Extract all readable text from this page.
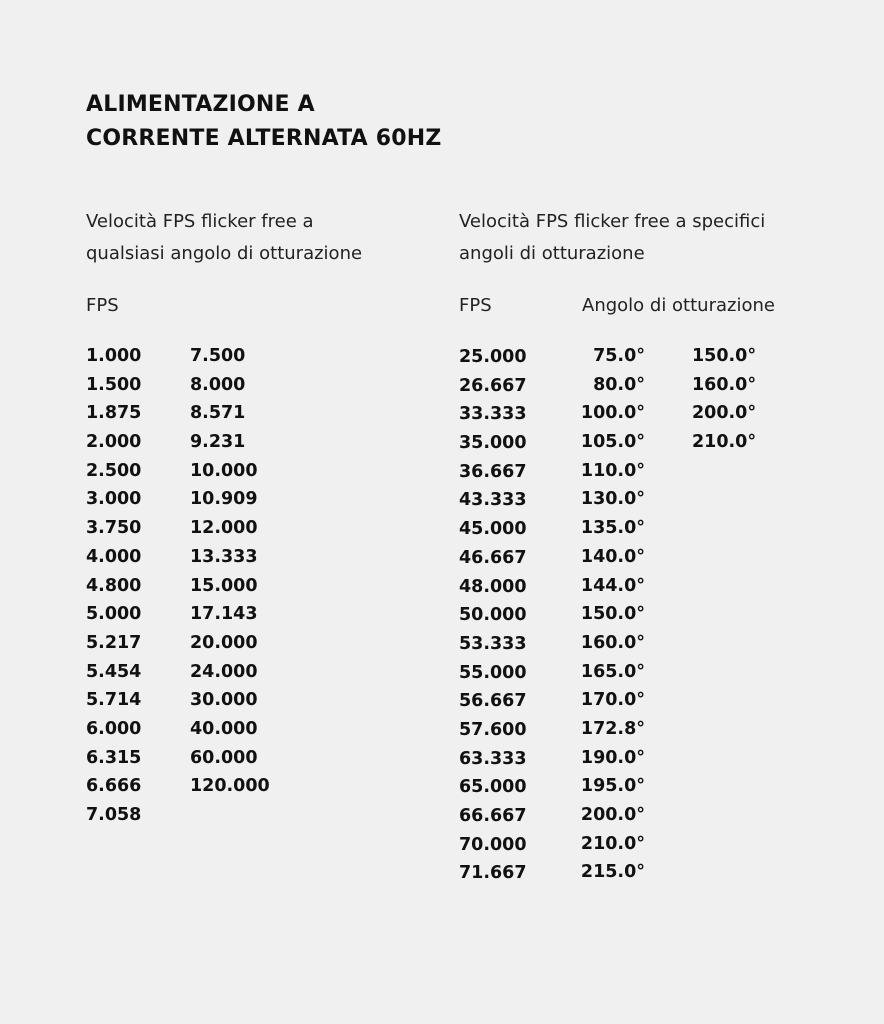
ALIMENTAZIONE A
CORRENTE ALTERNATA 60HZ
Velocità FPS flicker free a
qualsiasi angolo di otturazione
FPS
1.000
1.500
1.875
2.000
2.500
3.000
3.750
4.000
4.800
5.000
5.217
5.454
5.714
6.000
6.315
6.666
7.058
7.500
8.000
8.571
9.231
10.000
10.909
12.000
13.333
15.000
17.143
20.000
24.000
30.000
40.000
60.000
120.000
Velocità FPS flicker free a specifici
angoli di otturazione
FPS	Angolo di otturazione
25.000
26.667
33.333
35.000
36.667
43.333
45.000
46.667
48.000
50.000
53.333
55.000
56.667
57.600
63.333
65.000
66.667
70.000
71.667
75.0°
80.0°
100.0°
105.0°
110.0°
130.0°
135.0°
140.0°
144.0°
150.0°
160.0°
165.0°
170.0°
172.8°
190.0°
195.0°
200.0°
210.0°
215.0°
150.0°
160.0°
200.0°
210.0°
